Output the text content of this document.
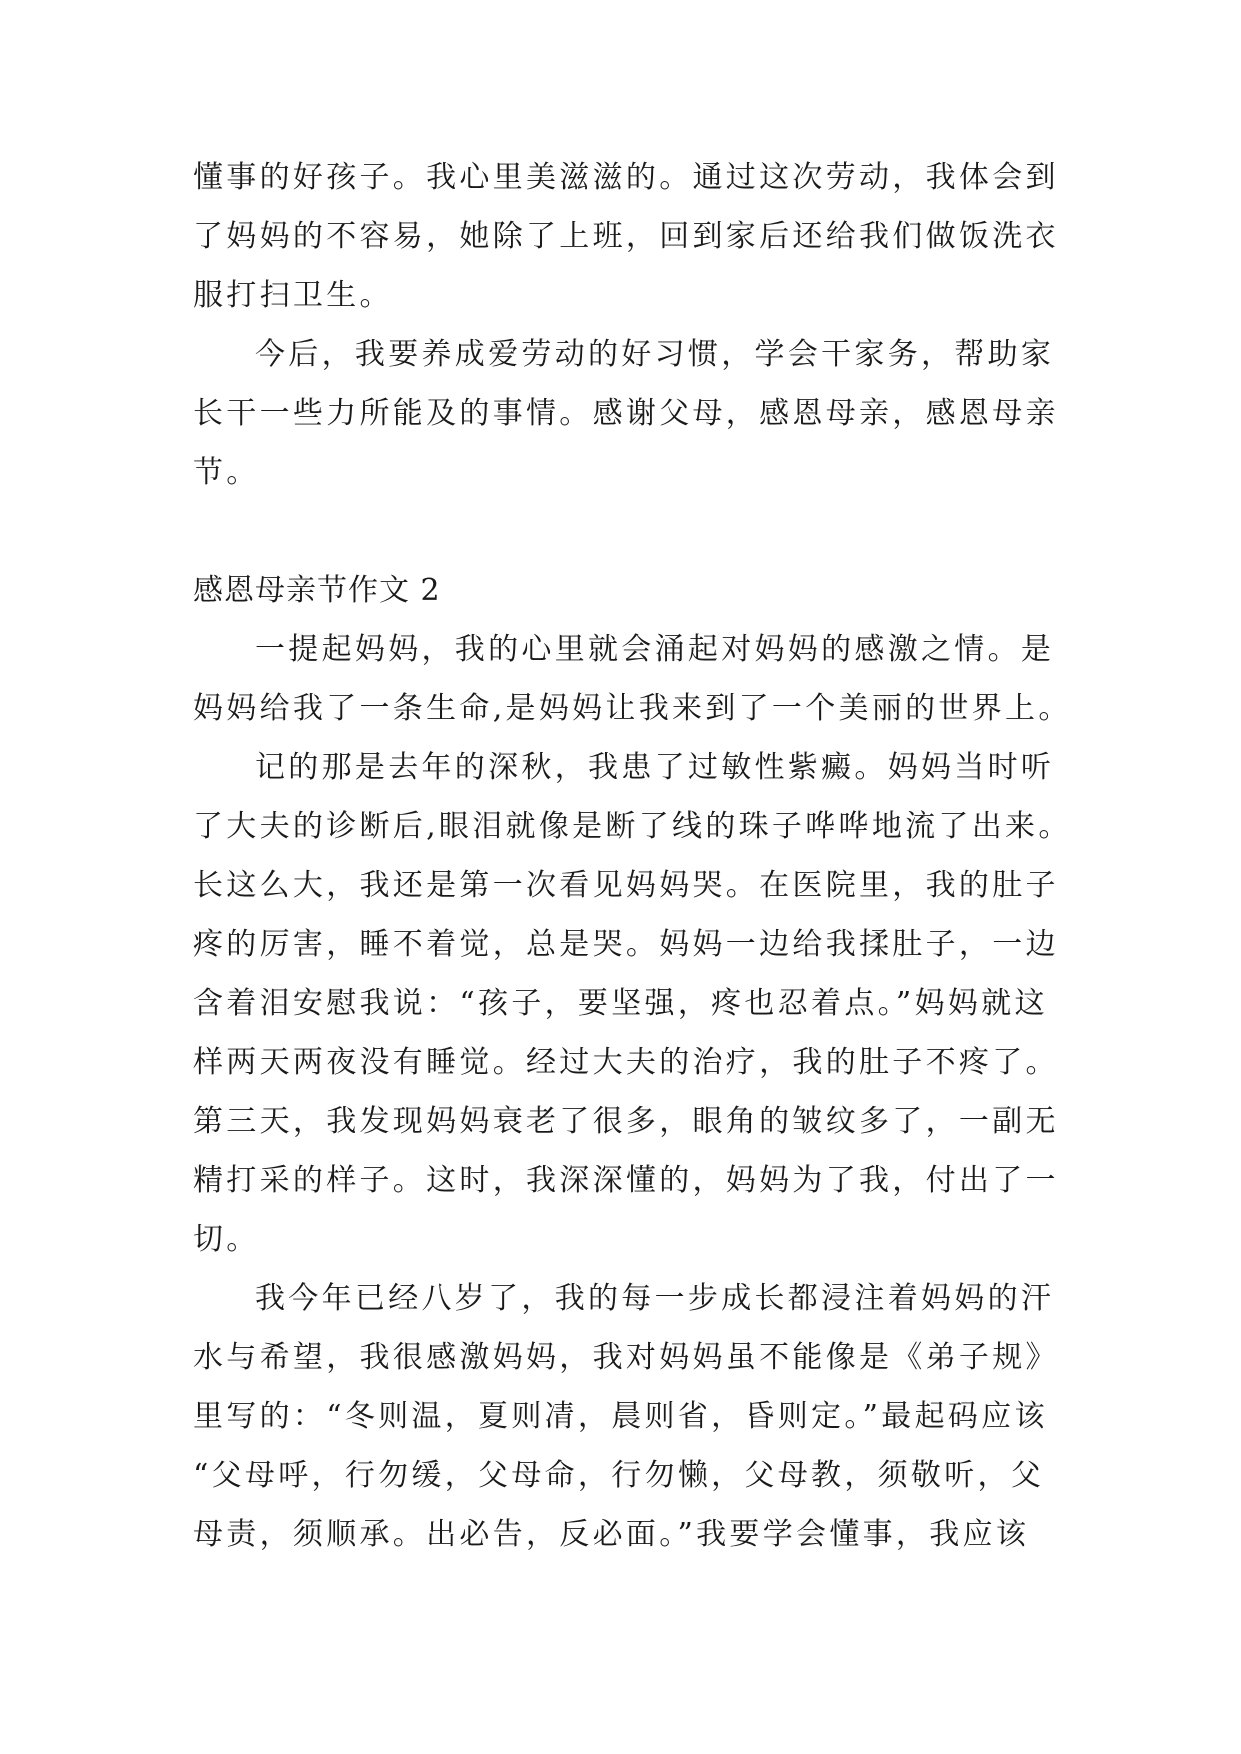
懂事的好孩子。我心里美滋滋的。通过这次劳动，我体会到
了妈妈的不容易，她除了上班，回到家后还给我们做饭洗衣
服打扫卫生。
今后，我要养成爱劳动的好习惯，学会干家务，帮助家
长干一些力所能及的事情。感谢父母，感恩母亲，感恩母亲
节。
感恩母亲节作文 2
一提起妈妈，我的心里就会涌起对妈妈的感激之情。是
妈妈给我了一条生命,是妈妈让我来到了一个美丽的世界上。
记的那是去年的深秋，我患了过敏性紫癜。妈妈当时听
了大夫的诊断后,眼泪就像是断了线的珠子哗哗地流了出来。
长这么大，我还是第一次看见妈妈哭。在医院里，我的肚子
疼的厉害，睡不着觉，总是哭。妈妈一边给我揉肚子，一边
含着泪安慰我说：“孩子，要坚强，疼也忍着点。”妈妈就这
样两天两夜没有睡觉。经过大夫的治疗，我的肚子不疼了。
第三天，我发现妈妈衰老了很多，眼角的皱纹多了，一副无
精打采的样子。这时，我深深懂的，妈妈为了我，付出了一
切。
我今年已经八岁了，我的每一步成长都浸注着妈妈的汗
水与希望，我很感激妈妈，我对妈妈虽不能像是《弟子规》
里写的：“冬则温，夏则凊，晨则省，昏则定。”最起码应该
“父母呼，行勿缓，父母命，行勿懒，父母教，须敬听，父
母责，须顺承。出必告，反必面。”我要学会懂事，我应该
